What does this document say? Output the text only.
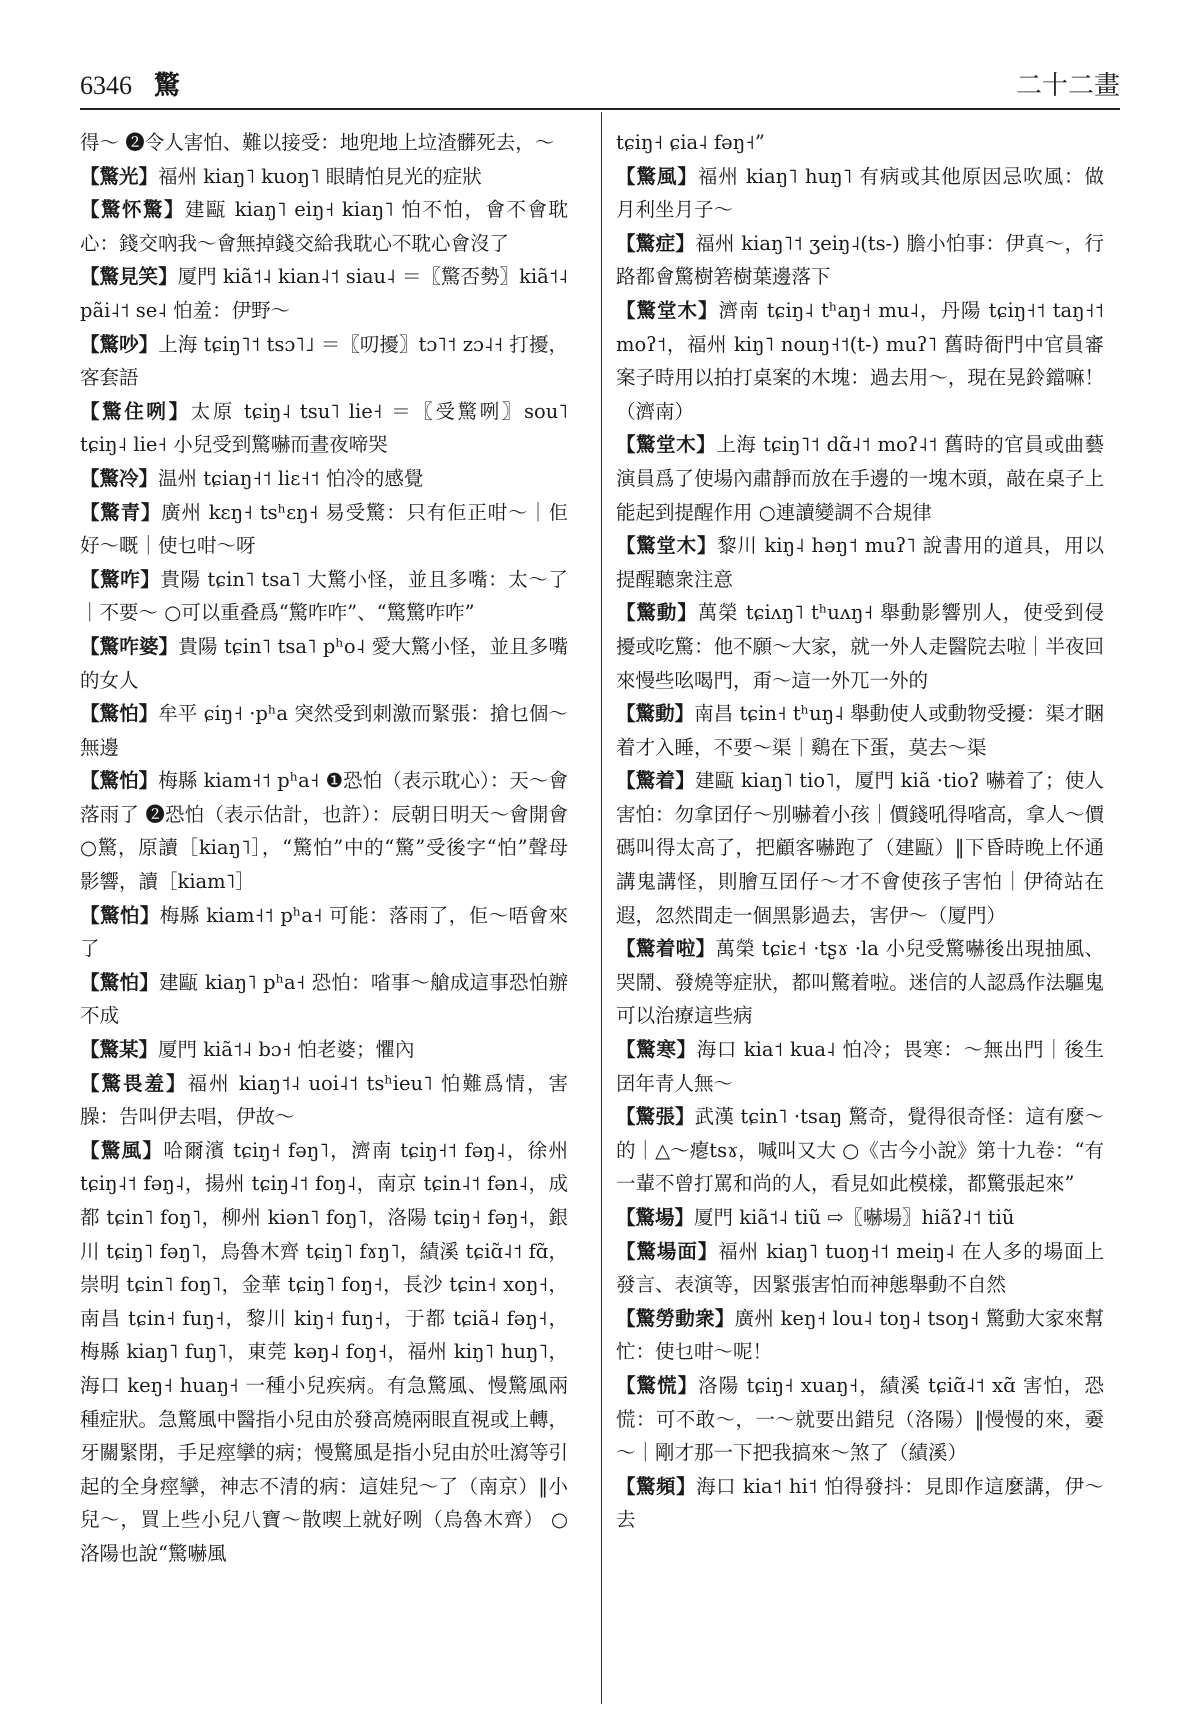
6346 驚	二十二畫

得～ ❷令人害怕、難以接受：地兜地上垃渣髒死去，～

【驚光】福州 kiaŋ˥ kuoŋ˥ 眼睛怕見光的症狀

【驚怀驚】建甌 kiaŋ˥ eiŋ˧ kiaŋ˥ 怕不怕，會不會耽心：錢交吶我～會無掉錢交給我耽心不耽心會沒了

【驚見笑】厦門 kiã˦˨ kian˨˦ siau˨ ＝〖驚否勢〗kiã˦˨ pãi˨˦ se˨ 怕羞：伊野～

【驚吵】上海 tɕiŋ˥˦ tsɔ˥˩ ＝〖叨擾〗tɔ˥˦ zɔ˨˧ 打擾，客套語

【驚住咧】太原 tɕiŋ˨ tsu˥ lie˧ ＝〖受驚咧〗sou˥ tɕiŋ˨ lie˧ 小兒受到驚嚇而晝夜啼哭

【驚冷】温州 tɕiaŋ˧˦ liɛ˧˦ 怕冷的感覺

【驚青】廣州 kɛŋ˧ tsʰɛŋ˧ 易受驚：只有佢正咁～｜佢好～嘅｜使乜咁～呀

【驚咋】貴陽 tɕin˥ tsa˥ 大驚小怪，並且多嘴：太～了｜不要～ ○可以重叠爲“驚咋咋”、“驚驚咋咋”

【驚咋婆】貴陽 tɕin˥ tsa˥ pʰo˨ 愛大驚小怪，並且多嘴的女人

【驚怕】牟平 ɕiŋ˧ ·pʰa 突然受到刺激而緊張：搶乜個～無邊

【驚怕】梅縣 kiam˧˦ pʰa˧ ❶恐怕（表示耽心）：天～會落雨了 ❷恐怕（表示估計，也許）：辰朝日明天～會開會 ○驚，原讀［kiaŋ˥］，“驚怕”中的“驚”受後字“怕”聲母影響，讀［kiam˥］

【驚怕】梅縣 kiam˧˦ pʰa˧ 可能：落雨了，佢～唔會來了

【驚怕】建甌 kiaŋ˥ pʰa˧ 恐怕：㗂事～艙成這事恐怕辦不成

【驚某】厦門 kiã˦˨ bɔ˧ 怕老婆；懼內

【驚畏羞】福州 kiaŋ˦˨ uoi˨˦ tsʰieu˥ 怕難爲情，害臊：告叫伊去唱，伊故～

【驚風】哈爾濱 tɕiŋ˧ fəŋ˥，濟南 tɕiŋ˧˦ fəŋ˨，徐州 tɕiŋ˨˦ fəŋ˨，揚州 tɕiŋ˨˦ foŋ˨，南京 tɕin˨˦ fən˨，成都 tɕin˥ foŋ˥，柳州 kiən˥ foŋ˥，洛陽 tɕiŋ˧ fəŋ˧，銀川 tɕiŋ˥ fəŋ˥，烏魯木齊 tɕiŋ˥ fɤŋ˥，績溪 tɕiɑ̃˨˦ fɑ̃，崇明 tɕin˥ foŋ˥，金華 tɕiŋ˥ foŋ˧，長沙 tɕin˧ xoŋ˧，南昌 tɕin˧ fuŋ˧，黎川 kiŋ˧ fuŋ˧，于都 tɕiã˨ fəŋ˧，梅縣 kiaŋ˥ fuŋ˥，東莞 kəŋ˨ foŋ˧，福州 kiŋ˥ huŋ˥，海口 keŋ˧ huaŋ˧ 一種小兒疾病。有急驚風、慢驚風兩種症狀。急驚風中醫指小兒由於發高燒兩眼直視或上轉，牙關緊閉，手足痙攣的病；慢驚風是指小兒由於吐瀉等引起的全身痙攣，神志不清的病：這娃兒～了（南京）‖小兒～，買上些小兒八寶～散喫上就好咧（烏魯木齊） ○洛陽也說“驚嚇風

tɕiŋ˧ ɕia˨ fəŋ˧”

【驚風】福州 kiaŋ˥ huŋ˥ 有病或其他原因忌吹風：做月利坐月子～

【驚症】福州 kiaŋ˥˦ ʒeiŋ˨(ts-) 膽小怕事：伊真～，行路都會驚樹箬樹葉邊落下

【驚堂木】濟南 tɕiŋ˨ tʰaŋ˧ mu˨，丹陽 tɕiŋ˧˦ taŋ˧˦ moʔ˦，福州 kiŋ˥ nouŋ˧˦(t-) muʔ˥ 舊時衙門中官員審案子時用以拍打桌案的木塊：過去用～，現在晃鈴鐺嘛！（濟南）

【驚堂木】上海 tɕiŋ˥˦ dɑ̃˨˦ moʔ˨˦ 舊時的官員或曲藝演員爲了使場內肅靜而放在手邊的一塊木頭，敲在桌子上能起到提醒作用 ○連讀變調不合規律

【驚堂木】黎川 kiŋ˨ həŋ˦ muʔ˥ 說書用的道具，用以提醒聽衆注意

【驚動】萬榮 tɕiʌŋ˥ tʰuʌŋ˧ 舉動影響別人，使受到侵擾或吃驚：他不願～大家，就一外人走醫院去啦｜半夜回來慢些吆喝門，甭～這一外兀一外的

【驚動】南昌 tɕin˧ tʰuŋ˨ 舉動使人或動物受擾：渠才睏着才入睡，不要～渠｜鷄在下蛋，莫去～渠

【驚着】建甌 kiaŋ˥ tio˥，厦門 kiã ·tioʔ 嚇着了；使人害怕：勿拿囝仔～別嚇着小孩｜價錢吼得㗂高，拿人～價碼叫得太高了，把顧客嚇跑了（建甌）‖下昏時晚上伓通講鬼講怪，則膾互囝仔～才不會使孩子害怕｜伊徛站在遐，忽然間走一個黑影過去，害伊～（厦門）

【驚着啦】萬榮 tɕiɛ˧ ·tʂɤ ·la 小兒受驚嚇後出現抽風、哭鬧、發燒等症狀，都叫驚着啦。迷信的人認爲作法驅鬼可以治療這些病

【驚寒】海口 kia˦ kua˨ 怕冷；畏寒：～無出門｜後生囝年青人無～

【驚張】武漢 tɕin˥ ·tsaŋ 驚奇，覺得很奇怪：這有麼～的｜△～瘪tsɤ，喊叫又大 ○《古今小說》第十九卷：“有一輩不曾打罵和尚的人，看見如此模樣，都驚張起來”

【驚場】厦門 kiã˦˨ tiũ ⇨〖嚇場〗hiãʔ˨˦ tiũ

【驚場面】福州 kiaŋ˥ tuoŋ˧˦ meiŋ˨ 在人多的場面上發言、表演等，因緊張害怕而神態舉動不自然

【驚勞動衆】廣州 keŋ˧ lou˨ toŋ˨ tsoŋ˧ 驚動大家來幫忙：使乜咁～呢！

【驚慌】洛陽 tɕiŋ˧ xuaŋ˧，績溪 tɕiɑ̃˨˦ xɑ̃ 害怕，恐慌：可不敢～，一～就要出錯兒（洛陽）‖慢慢的來，嫑～｜剛才那一下把我搞來～煞了（績溪）

【驚頻】海口 kia˦ hi˦ 怕得發抖：見即作這麼講，伊～去
